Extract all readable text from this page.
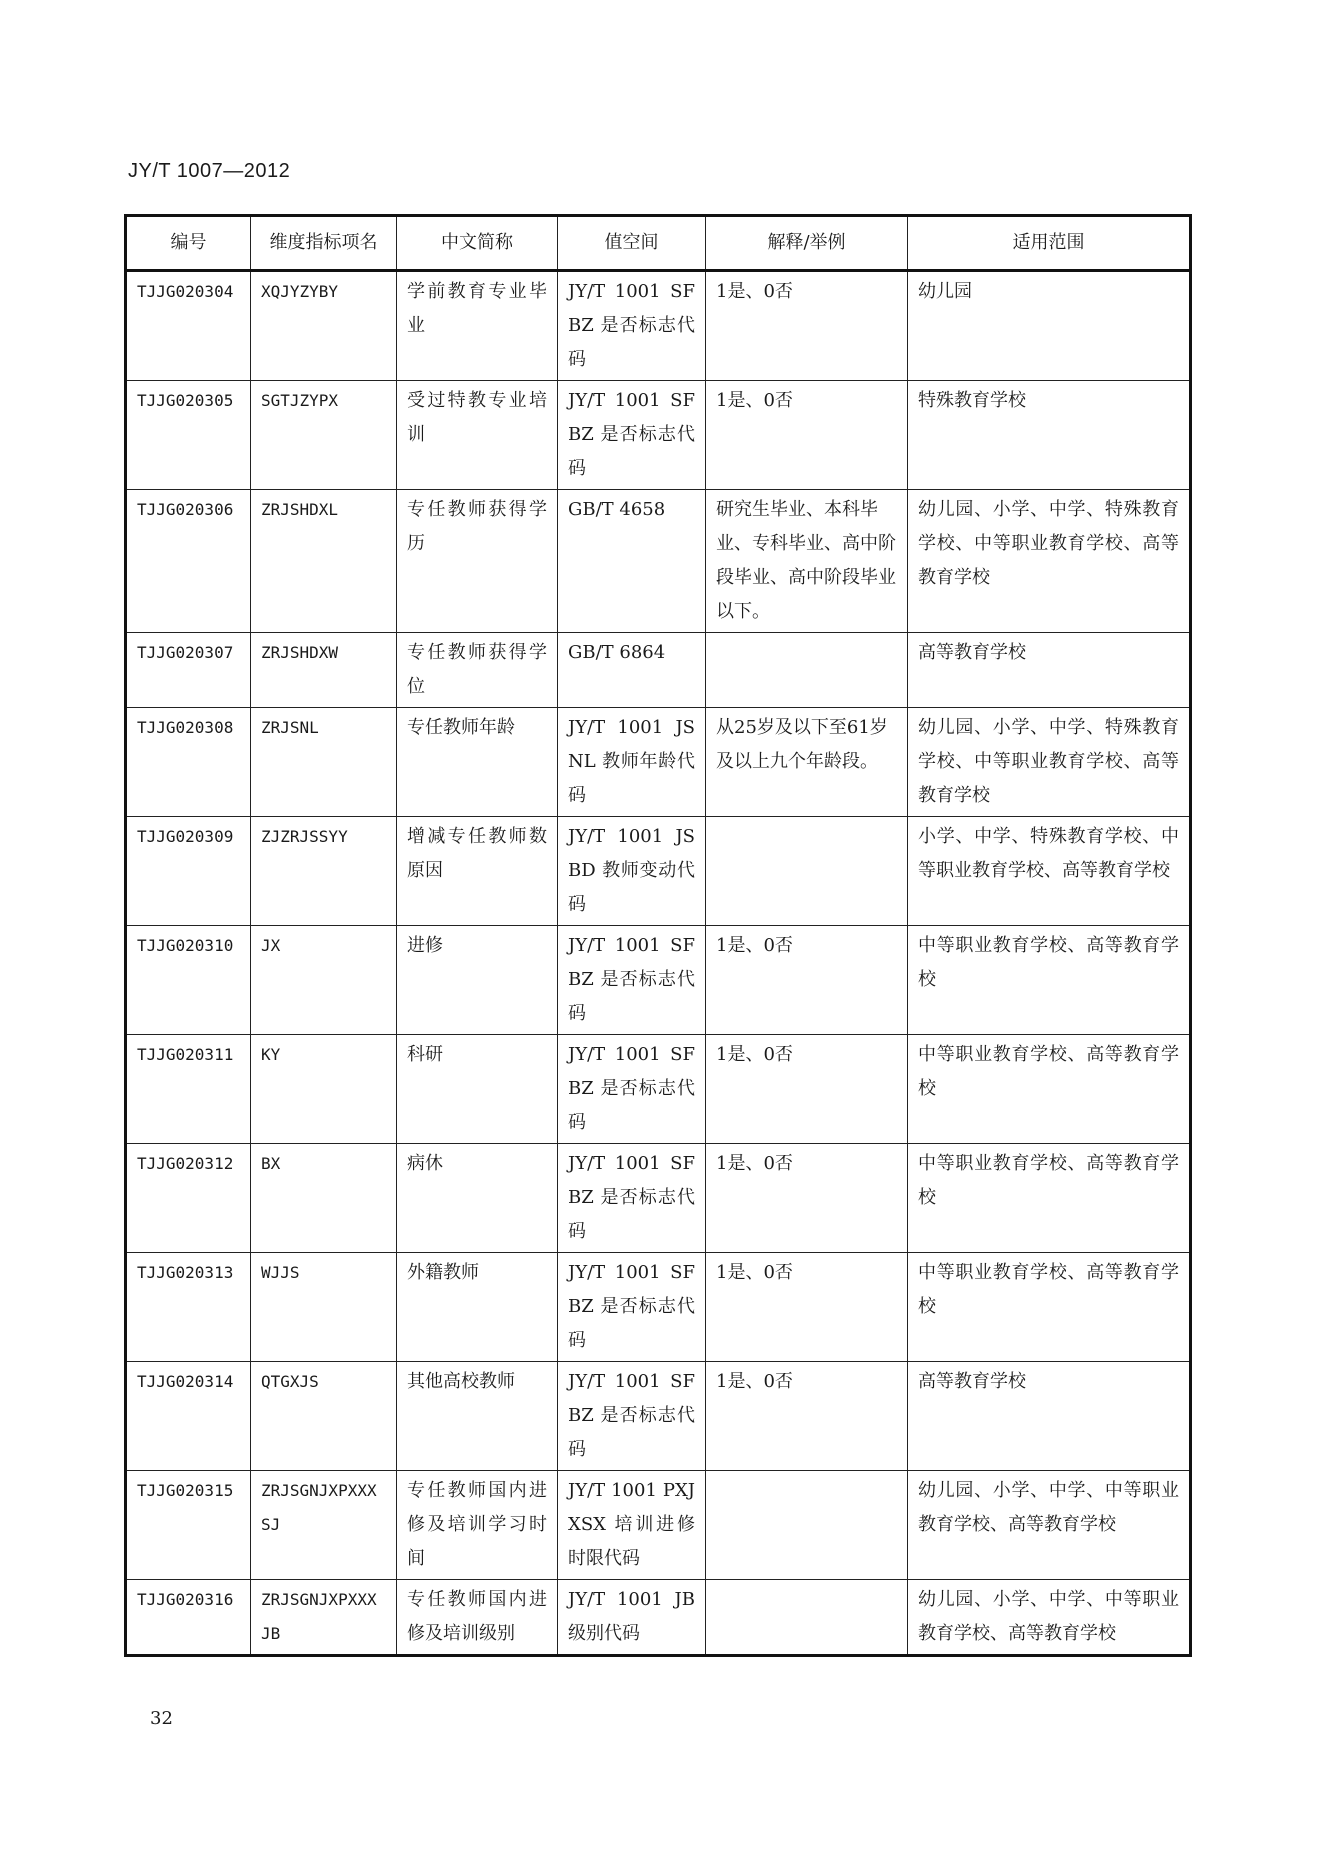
JY/T 1007—2012
编号	维度指标项名	中文简称	值空间	解释/举例	适用范围
TJJG020304	XQJYZYBY	学前教育专业毕业	JY/T 1001 SFBZ 是否标志代码	1是、0否	幼儿园
TJJG020305	SGTJZYPX	受过特教专业培训	JY/T 1001 SFBZ 是否标志代码	1是、0否	特殊教育学校
TJJG020306	ZRJSHDXL	专任教师获得学历	GB/T 4658	研究生毕业、本科毕业、专科毕业、高中阶段毕业、高中阶段毕业以下。	幼儿园、小学、中学、特殊教育学校、中等职业教育学校、高等教育学校
TJJG020307	ZRJSHDXW	专任教师获得学位	GB/T 6864		高等教育学校
TJJG020308	ZRJSNL	专任教师年龄	JY/T 1001 JSNL 教师年龄代码	从25岁及以下至61岁及以上九个年龄段。	幼儿园、小学、中学、特殊教育学校、中等职业教育学校、高等教育学校
TJJG020309	ZJZRJSSYY	增减专任教师数原因	JY/T 1001 JSBD 教师变动代码		小学、中学、特殊教育学校、中等职业教育学校、高等教育学校
TJJG020310	JX	进修	JY/T 1001 SFBZ 是否标志代码	1是、0否	中等职业教育学校、高等教育学校
TJJG020311	KY	科研	JY/T 1001 SFBZ 是否标志代码	1是、0否	中等职业教育学校、高等教育学校
TJJG020312	BX	病休	JY/T 1001 SFBZ 是否标志代码	1是、0否	中等职业教育学校、高等教育学校
TJJG020313	WJJS	外籍教师	JY/T 1001 SFBZ 是否标志代码	1是、0否	中等职业教育学校、高等教育学校
TJJG020314	QTGXJS	其他高校教师	JY/T 1001 SFBZ 是否标志代码	1是、0否	高等教育学校
TJJG020315	ZRJSGNJXPXXXSJ	专任教师国内进修及培训学习时间	JY/T 1001 PXJXSX 培训进修时限代码		幼儿园、小学、中学、中等职业教育学校、高等教育学校
TJJG020316	ZRJSGNJXPXXXJB	专任教师国内进修及培训级别	JY/T 1001 JB 级别代码		幼儿园、小学、中学、中等职业教育学校、高等教育学校
32
